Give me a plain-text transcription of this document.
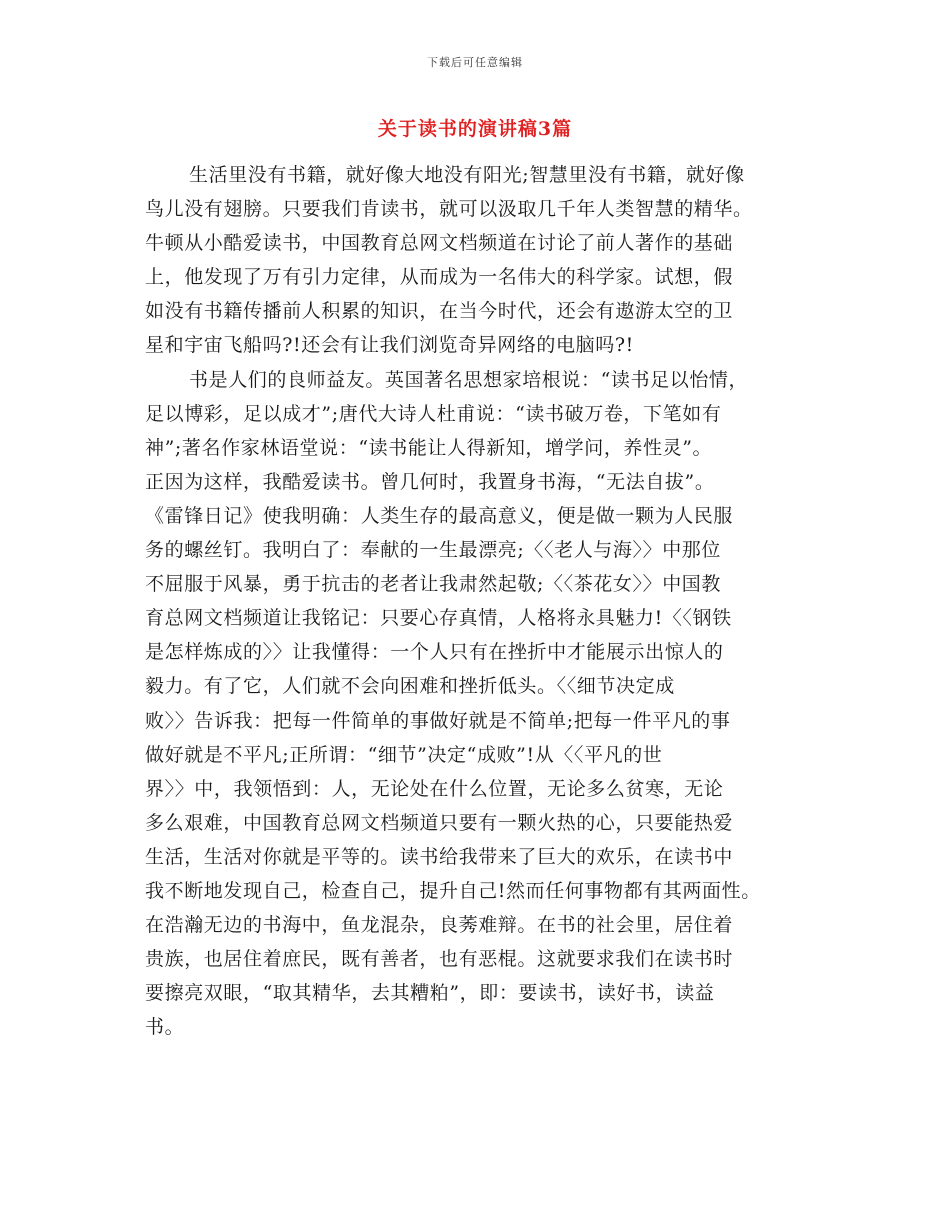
下载后可任意编辑
关于读书的演讲稿3篇
生活里没有书籍，就好像大地没有阳光;智慧里没有书籍，就好像
鸟儿没有翅膀。只要我们肯读书，就可以汲取几千年人类智慧的精华。
牛顿从小酷爱读书，中国教育总网文档频道在讨论了前人著作的基础
上，他发现了万有引力定律，从而成为一名伟大的科学家。试想，假
如没有书籍传播前人积累的知识，在当今时代，还会有遨游太空的卫
星和宇宙飞船吗?!还会有让我们浏览奇异网络的电脑吗?!
书是人们的良师益友。英国著名思想家培根说：“读书足以怡情，
足以博彩，足以成才”;唐代大诗人杜甫说：“读书破万卷，下笔如有
神”;著名作家林语堂说：“读书能让人得新知，增学问，养性灵”。
正因为这样，我酷爱读书。曾几何时，我置身书海，“无法自拔”。
《雷锋日记》使我明确：人类生存的最高意义，便是做一颗为人民服
务的螺丝钉。我明白了：奉献的一生最漂亮;〈〈老人与海〉〉中那位
不屈服于风暴，勇于抗击的老者让我肃然起敬;〈〈茶花女〉〉中国教
育总网文档频道让我铭记：只要心存真情，人格将永具魅力!〈〈钢铁
是怎样炼成的〉〉让我懂得：一个人只有在挫折中才能展示出惊人的
毅力。有了它，人们就不会向困难和挫折低头。〈〈细节决定成
败〉〉告诉我：把每一件简单的事做好就是不简单;把每一件平凡的事
做好就是不平凡;正所谓：“细节”决定“成败”!从〈〈平凡的世
界〉〉中，我领悟到：人，无论处在什么位置，无论多么贫寒，无论
多么艰难，中国教育总网文档频道只要有一颗火热的心，只要能热爱
生活，生活对你就是平等的。读书给我带来了巨大的欢乐，在读书中
我不断地发现自己，检查自己，提升自己!然而任何事物都有其两面性。
在浩瀚无边的书海中，鱼龙混杂，良莠难辩。在书的社会里，居住着
贵族，也居住着庶民，既有善者，也有恶棍。这就要求我们在读书时
要擦亮双眼，“取其精华，去其糟粕”，即：要读书，读好书，读益
书。
